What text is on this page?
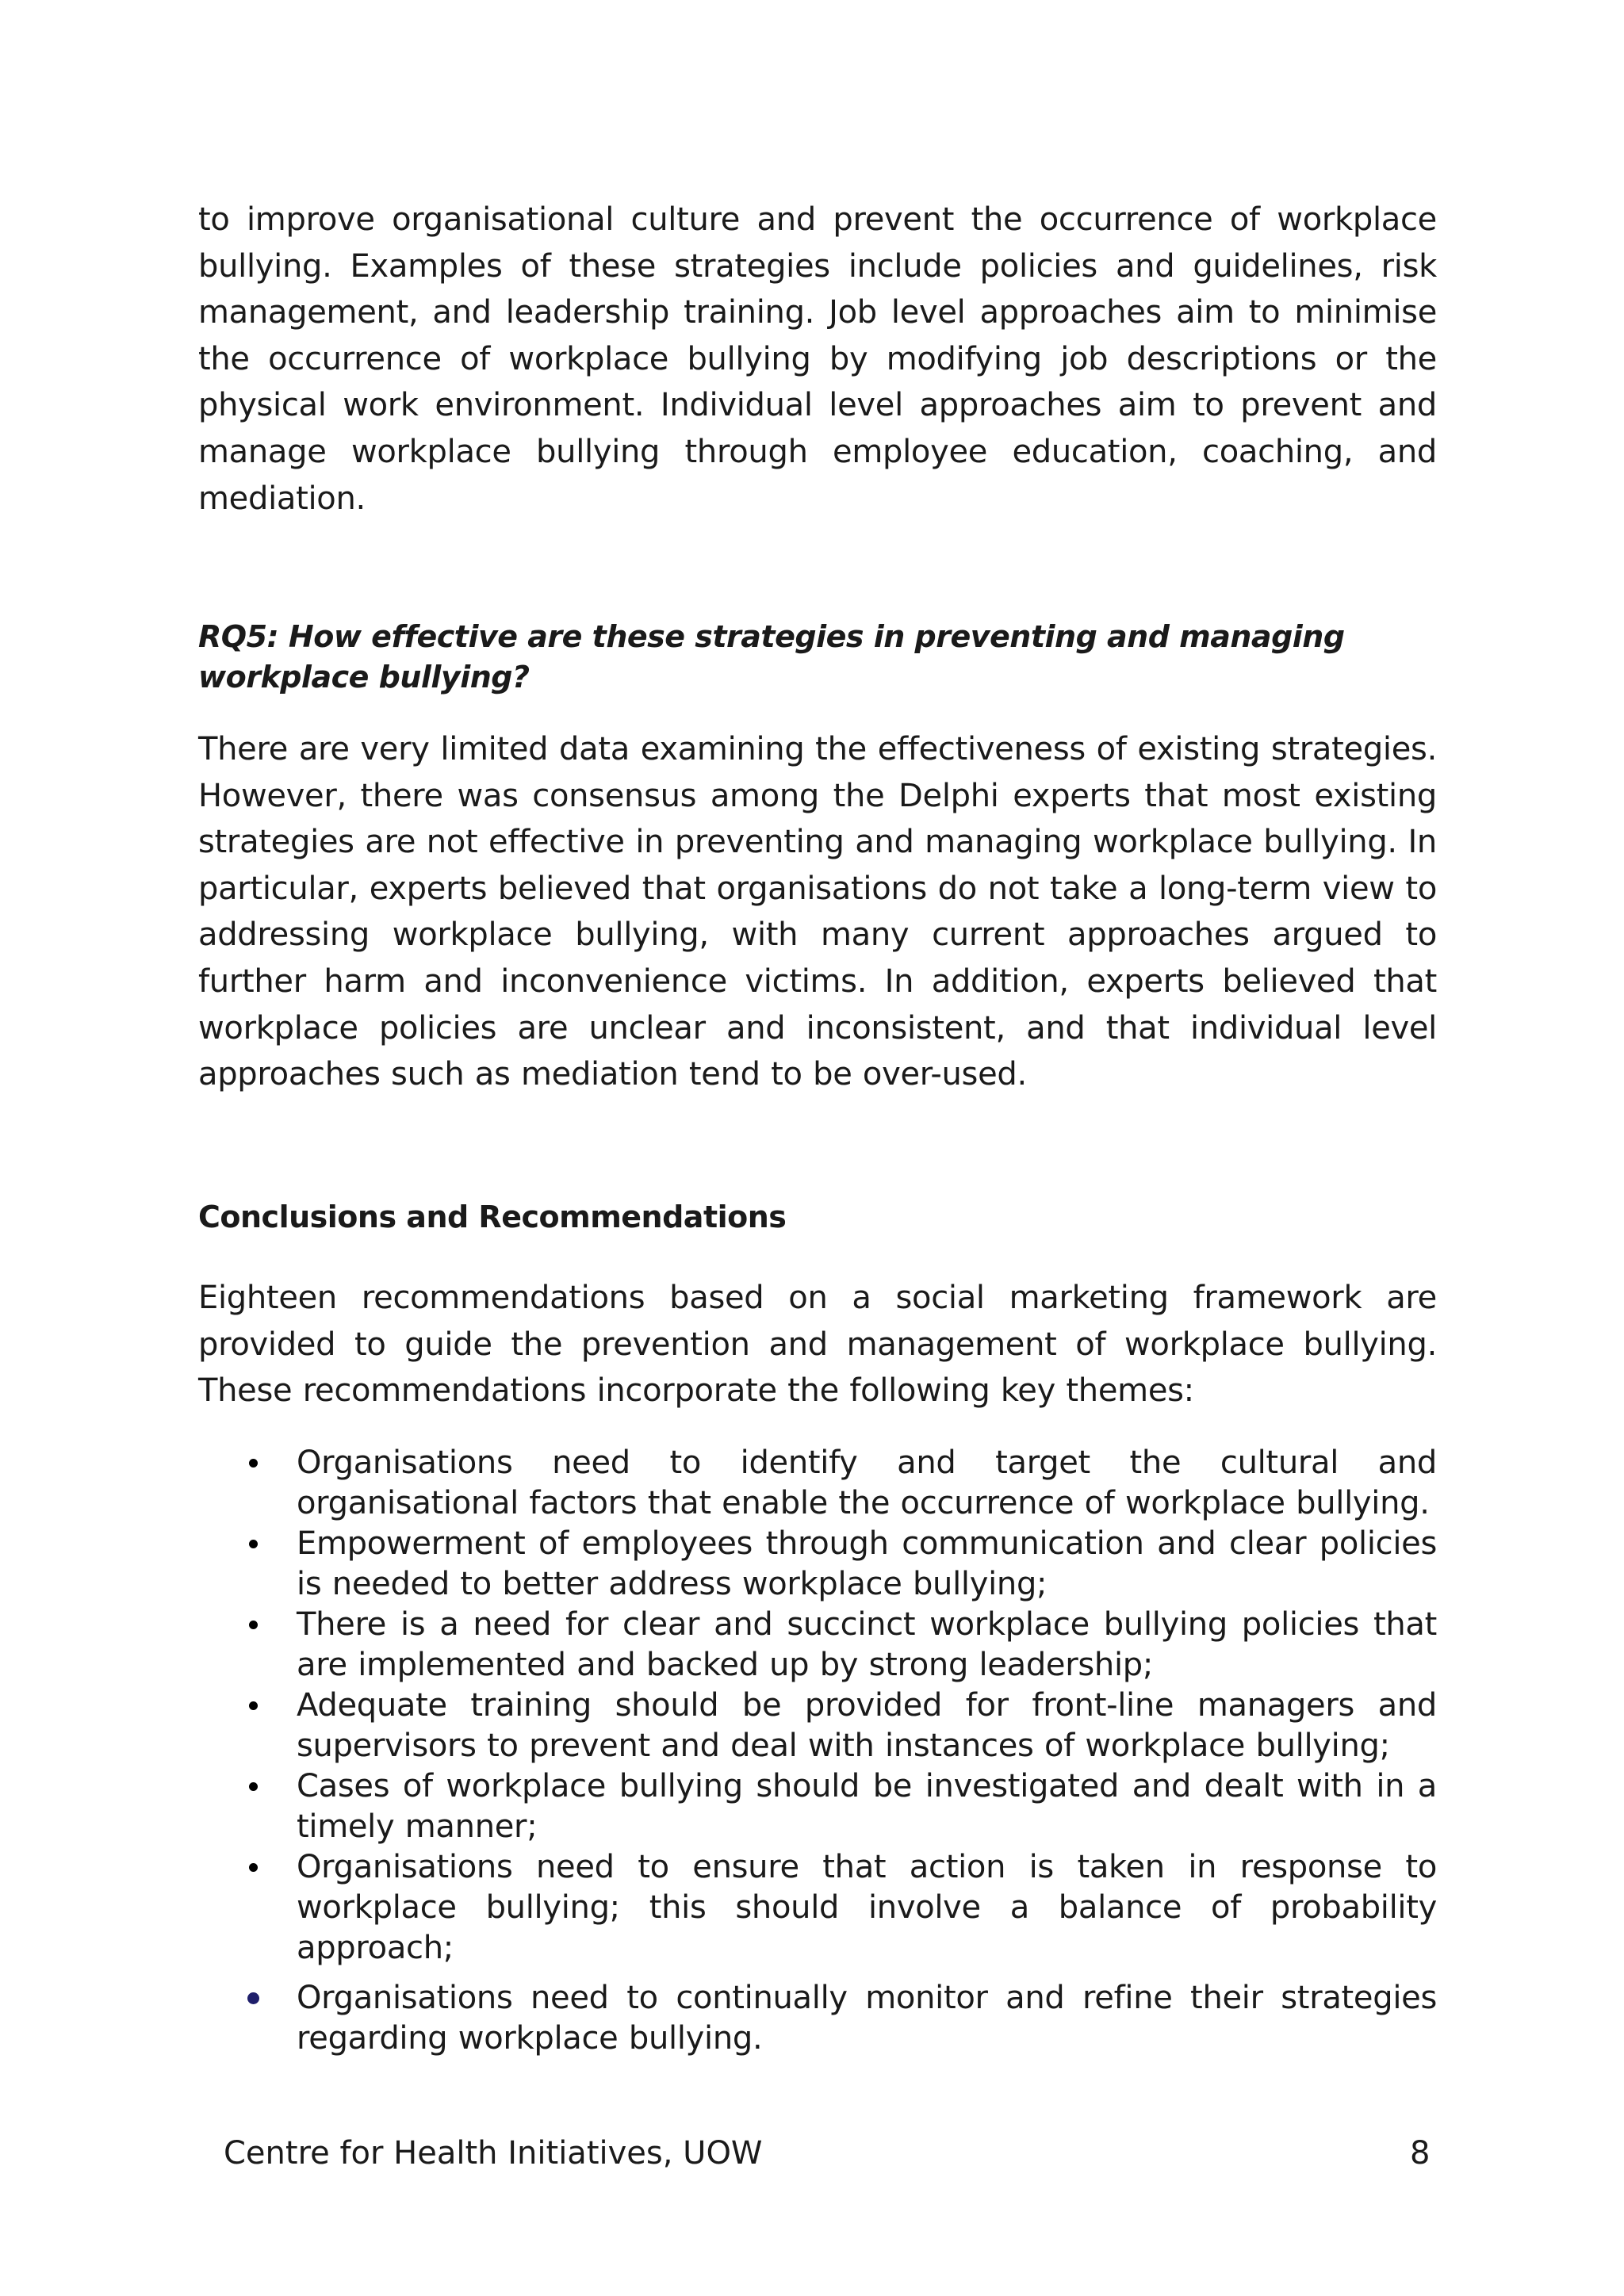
to improve organisational culture and prevent the occurrence of workplace bullying. Examples of these strategies include policies and guidelines, risk management, and leadership training. Job level approaches aim to minimise the occurrence of workplace bullying by modifying job descriptions or the physical work environment. Individual level approaches aim to prevent and manage workplace bullying through employee education, coaching, and mediation.

RQ5: How effective are these strategies in preventing and managing workplace bullying?

There are very limited data examining the effectiveness of existing strategies. However, there was consensus among the Delphi experts that most existing strategies are not effective in preventing and managing workplace bullying. In particular, experts believed that organisations do not take a long-term view to addressing workplace bullying, with many current approaches argued to further harm and inconvenience victims. In addition, experts believed that workplace policies are unclear and inconsistent, and that individual level approaches such as mediation tend to be over-used.

Conclusions and Recommendations

Eighteen recommendations based on a social marketing framework are provided to guide the prevention and management of workplace bullying. These recommendations incorporate the following key themes:

Organisations need to identify and target the cultural and organisational factors that enable the occurrence of workplace bullying.
Empowerment of employees through communication and clear policies is needed to better address workplace bullying;
There is a need for clear and succinct workplace bullying policies that are implemented and backed up by strong leadership;
Adequate training should be provided for front-line managers and supervisors to prevent and deal with instances of workplace bullying;
Cases of workplace bullying should be investigated and dealt with in a timely manner;
Organisations need to ensure that action is taken in response to workplace bullying; this should involve a balance of probability approach;
Organisations need to continually monitor and refine their strategies regarding workplace bullying.
Centre for Health Initiatives, UOW	8
